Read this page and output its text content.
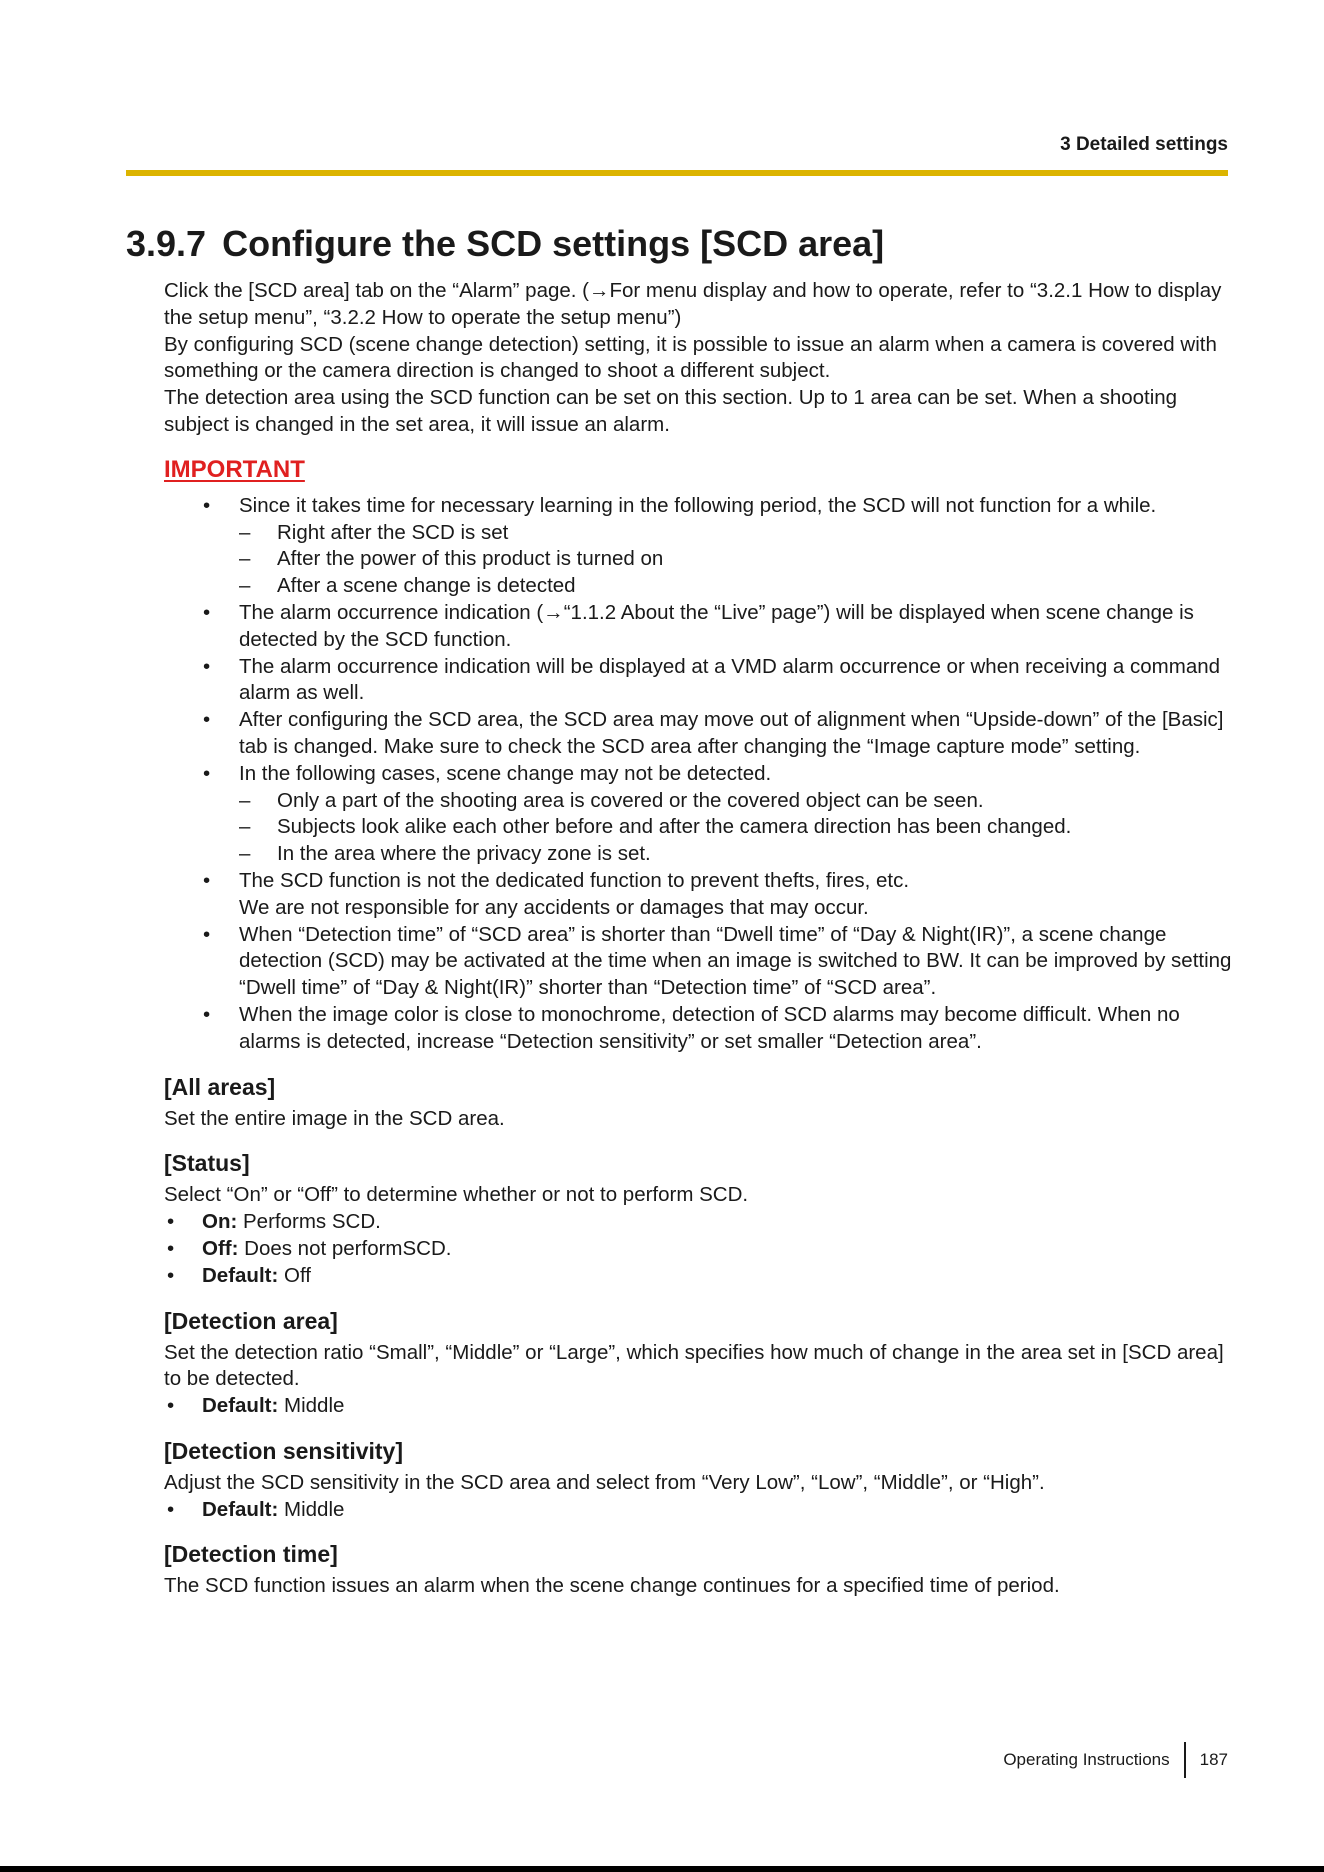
3 Detailed settings
3.9.7 Configure the SCD settings [SCD area]

Click the [SCD area] tab on the “Alarm” page. (→For menu display and how to operate, refer to “3.2.1 How to display the setup menu”, “3.2.2 How to operate the setup menu”)

By configuring SCD (scene change detection) setting, it is possible to issue an alarm when a camera is covered with something or the camera direction is changed to shoot a different subject.

The detection area using the SCD function can be set on this section. Up to 1 area can be set. When a shooting subject is changed in the set area, it will issue an alarm.

IMPORTANT
• Since it takes time for necessary learning in the following period, the SCD will not function for a while.
– Right after the SCD is set
– After the power of this product is turned on
– After a scene change is detected
• The alarm occurrence indication (→“1.1.2 About the “Live” page”) will be displayed when scene change is detected by the SCD function.
• The alarm occurrence indication will be displayed at a VMD alarm occurrence or when receiving a command alarm as well.
• After configuring the SCD area, the SCD area may move out of alignment when “Upside-down” of the [Basic] tab is changed. Make sure to check the SCD area after changing the “Image capture mode” setting.
• In the following cases, scene change may not be detected.
– Only a part of the shooting area is covered or the covered object can be seen.
– Subjects look alike each other before and after the camera direction has been changed.
– In the area where the privacy zone is set.
• The SCD function is not the dedicated function to prevent thefts, fires, etc.
We are not responsible for any accidents or damages that may occur.
• When “Detection time” of “SCD area” is shorter than “Dwell time” of “Day & Night(IR)”, a scene change detection (SCD) may be activated at the time when an image is switched to BW. It can be improved by setting “Dwell time” of “Day & Night(IR)” shorter than “Detection time” of “SCD area”.
• When the image color is close to monochrome, detection of SCD alarms may become difficult. When no alarms is detected, increase “Detection sensitivity” or set smaller “Detection area”.
[All areas]

Set the entire image in the SCD area.

[Status]

Select “On” or “Off” to determine whether or not to perform SCD.

• On: Performs SCD.
• Off: Does not performSCD.
• Default: Off
[Detection area]

Set the detection ratio “Small”, “Middle” or “Large”, which specifies how much of change in the area set in [SCD area] to be detected.

• Default: Middle
[Detection sensitivity]

Adjust the SCD sensitivity in the SCD area and select from “Very Low”, “Low”, “Middle”, or “High”.

• Default: Middle
[Detection time]

The SCD function issues an alarm when the scene change continues for a specified time of period.

Operating Instructions 187
